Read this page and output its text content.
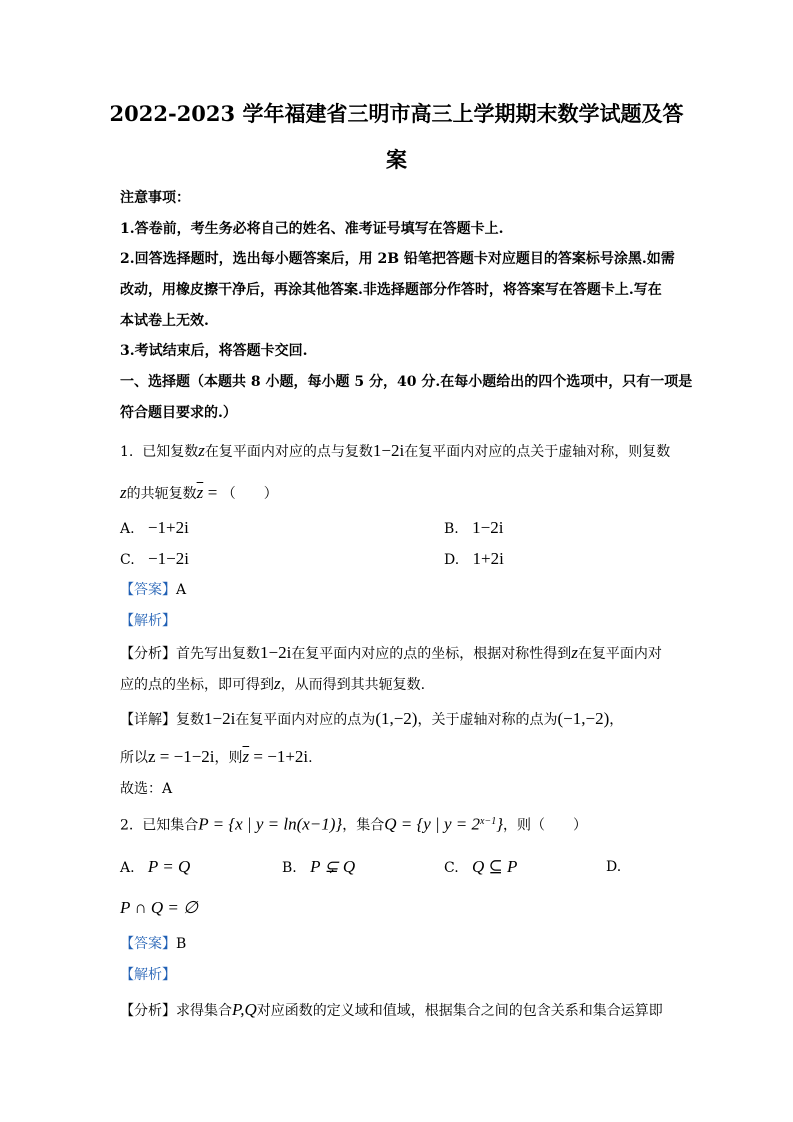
2022-2023 学年福建省三明市高三上学期期末数学试题及答
案
注意事项：
1.答卷前，考生务必将自己的姓名、准考证号填写在答题卡上.
2.回答选择题时，选出每小题答案后，用 2B 铅笔把答题卡对应题目的答案标号涂黑.如需
改动，用橡皮擦干净后，再涂其他答案.非选择题部分作答时，将答案写在答题卡上.写在
本试卷上无效.
3.考试结束后，将答题卡交回.
一、选择题（本题共 8 小题，每小题 5 分，40 分.在每小题给出的四个选项中，只有一项是
符合题目要求的.）
1. 已知复数z在复平面内对应的点与复数1−2i在复平面内对应的点关于虚轴对称，则复数
z的共轭复数$\overline{z}$ = （　　）
A. −1+2i	B. 1−2i
C. −1−2i	D. 1+2i
【答案】A
【解析】
【分析】首先写出复数1−2i在复平面内对应的点的坐标，根据对称性得到z在复平面内对
应的点的坐标，即可得到z，从而得到其共轭复数.
【详解】复数1−2i在复平面内对应的点为(1,−2)，关于虚轴对称的点为(−1,−2)，
所以z = −1−2i，则$\overline{z} = -1+2i$.
故选：A
2. 已知集合P = {x | y = ln(x−1)}，集合Q = {y | $y = 2^{x-1}$}，则（　　）
A. P = Q	B. P ⊊ Q	C. Q ⊆ P	D.
P ∩ Q = ∅
【答案】B
【解析】
【分析】求得集合P,Q对应函数的定义域和值域，根据集合之间的包含关系和集合运算即
